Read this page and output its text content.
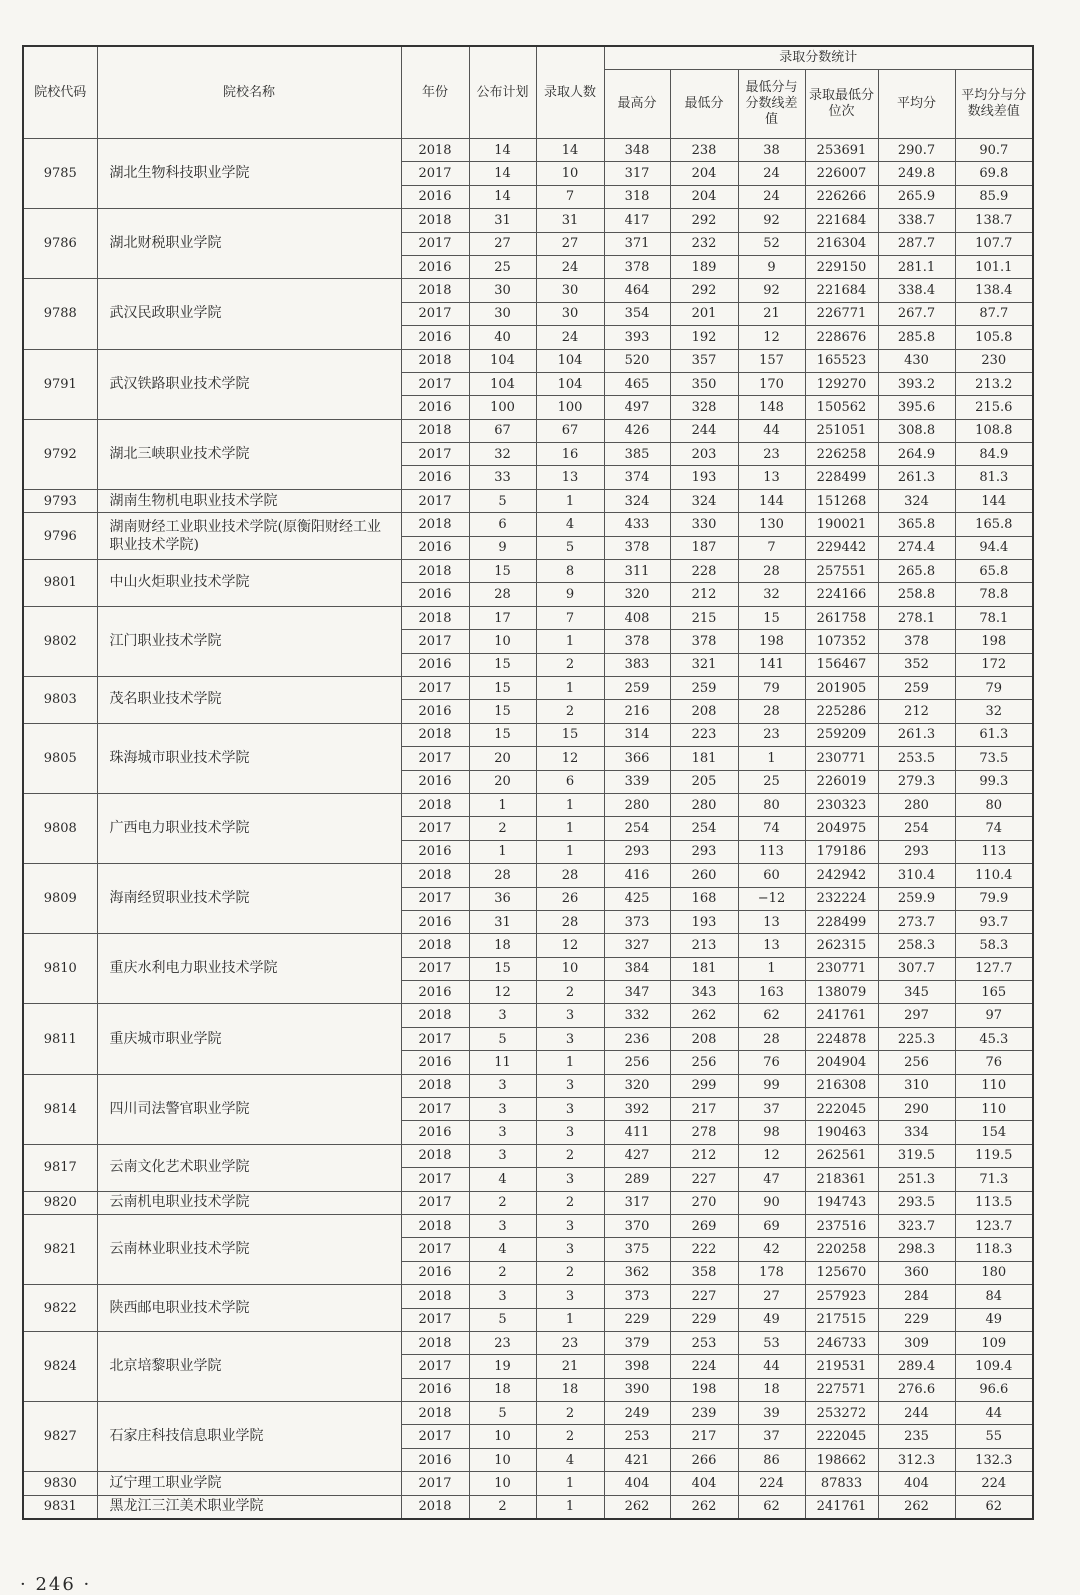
院校代码	院校名称	年份	公布计划	录取人数	录取分数统计					
					最高分	最低分	最低分与分数线差值	录取最低分位次	平均分	平均分与分数线差值
9785	湖北生物科技职业学院	2018	14	14	348	238	38	253691	290.7	90.7
		2017	14	10	317	204	24	226007	249.8	69.8
		2016	14	7	318	204	24	226266	265.9	85.9
9786	湖北财税职业学院	2018	31	31	417	292	92	221684	338.7	138.7
		2017	27	27	371	232	52	216304	287.7	107.7
		2016	25	24	378	189	9	229150	281.1	101.1
9788	武汉民政职业学院	2018	30	30	464	292	92	221684	338.4	138.4
		2017	30	30	354	201	21	226771	267.7	87.7
		2016	40	24	393	192	12	228676	285.8	105.8
9791	武汉铁路职业技术学院	2018	104	104	520	357	157	165523	430	230
		2017	104	104	465	350	170	129270	393.2	213.2
		2016	100	100	497	328	148	150562	395.6	215.6
9792	湖北三峡职业技术学院	2018	67	67	426	244	44	251051	308.8	108.8
		2017	32	16	385	203	23	226258	264.9	84.9
		2016	33	13	374	193	13	228499	261.3	81.3
9793	湖南生物机电职业技术学院	2017	5	1	324	324	144	151268	324	144
9796	湖南财经工业职业技术学院(原衡阳财经工业职业技术学院)	2018	6	4	433	330	130	190021	365.8	165.8
		2016	9	5	378	187	7	229442	274.4	94.4
9801	中山火炬职业技术学院	2018	15	8	311	228	28	257551	265.8	65.8
		2016	28	9	320	212	32	224166	258.8	78.8
9802	江门职业技术学院	2018	17	7	408	215	15	261758	278.1	78.1
		2017	10	1	378	378	198	107352	378	198
		2016	15	2	383	321	141	156467	352	172
9803	茂名职业技术学院	2017	15	1	259	259	79	201905	259	79
		2016	15	2	216	208	28	225286	212	32
9805	珠海城市职业技术学院	2018	15	15	314	223	23	259209	261.3	61.3
		2017	20	12	366	181	1	230771	253.5	73.5
		2016	20	6	339	205	25	226019	279.3	99.3
9808	广西电力职业技术学院	2018	1	1	280	280	80	230323	280	80
		2017	2	1	254	254	74	204975	254	74
		2016	1	1	293	293	113	179186	293	113
9809	海南经贸职业技术学院	2018	28	28	416	260	60	242942	310.4	110.4
		2017	36	26	425	168	−12	232224	259.9	79.9
		2016	31	28	373	193	13	228499	273.7	93.7
9810	重庆水利电力职业技术学院	2018	18	12	327	213	13	262315	258.3	58.3
		2017	15	10	384	181	1	230771	307.7	127.7
		2016	12	2	347	343	163	138079	345	165
9811	重庆城市职业学院	2018	3	3	332	262	62	241761	297	97
		2017	5	3	236	208	28	224878	225.3	45.3
		2016	11	1	256	256	76	204904	256	76
9814	四川司法警官职业学院	2018	3	3	320	299	99	216308	310	110
		2017	3	3	392	217	37	222045	290	110
		2016	3	3	411	278	98	190463	334	154
9817	云南文化艺术职业学院	2018	3	2	427	212	12	262561	319.5	119.5
		2017	4	3	289	227	47	218361	251.3	71.3
9820	云南机电职业技术学院	2017	2	2	317	270	90	194743	293.5	113.5
9821	云南林业职业技术学院	2018	3	3	370	269	69	237516	323.7	123.7
		2017	4	3	375	222	42	220258	298.3	118.3
		2016	2	2	362	358	178	125670	360	180
9822	陕西邮电职业技术学院	2018	3	3	373	227	27	257923	284	84
		2017	5	1	229	229	49	217515	229	49
9824	北京培黎职业学院	2018	23	23	379	253	53	246733	309	109
		2017	19	21	398	224	44	219531	289.4	109.4
		2016	18	18	390	198	18	227571	276.6	96.6
9827	石家庄科技信息职业学院	2018	5	2	249	239	39	253272	244	44
		2017	10	2	253	217	37	222045	235	55
		2016	10	4	421	266	86	198662	312.3	132.3
9830	辽宁理工职业学院	2017	10	1	404	404	224	87833	404	224
9831	黑龙江三江美术职业学院	2018	2	1	262	262	62	241761	262	62
· 246 ·
